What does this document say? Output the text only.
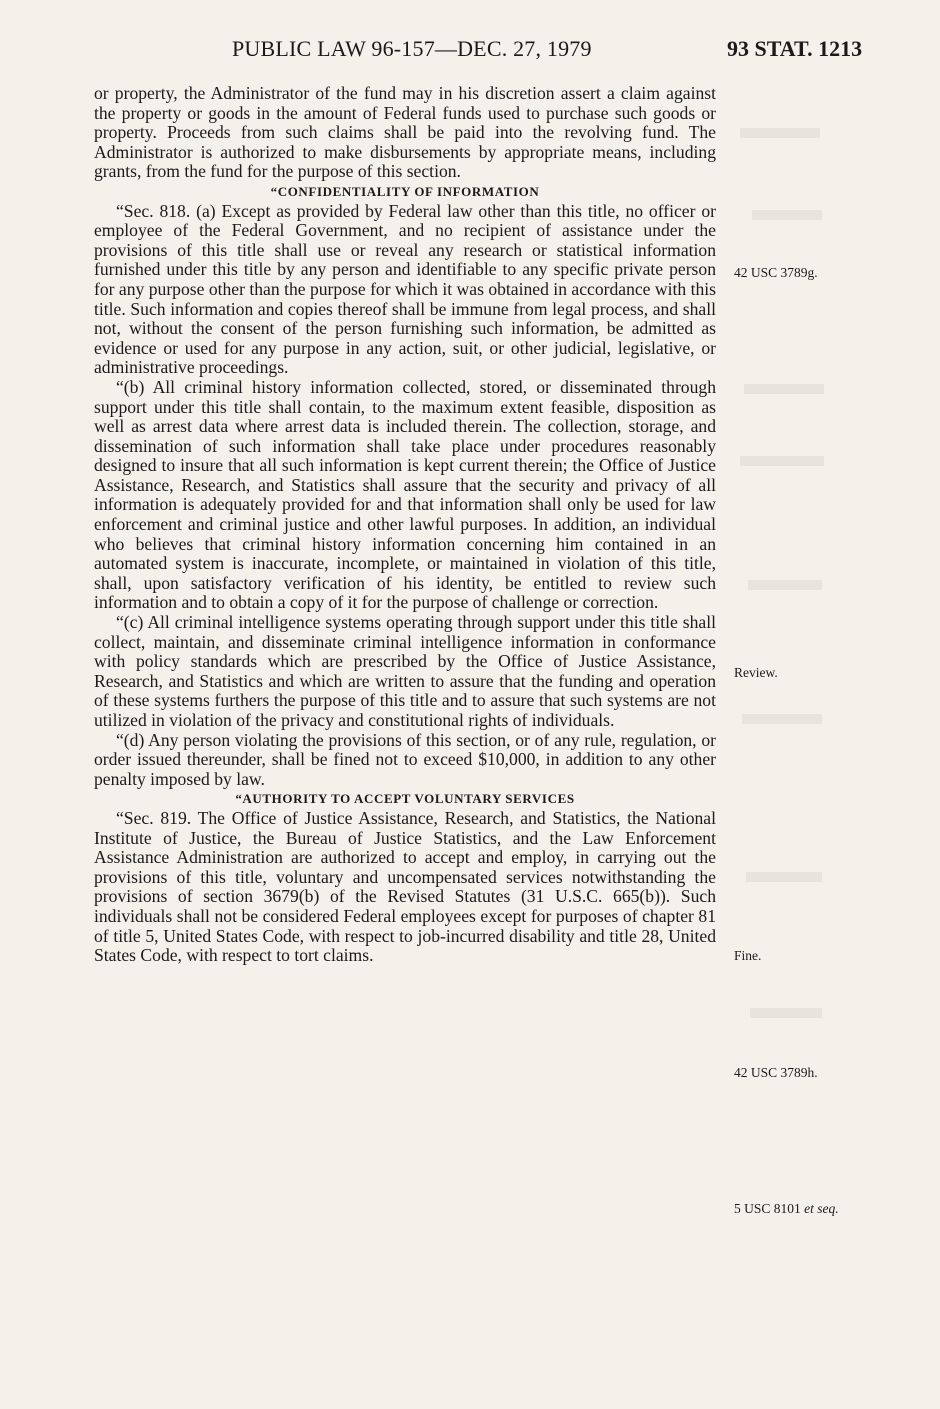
PUBLIC LAW 96-157—DEC. 27, 1979	93 STAT. 1213

or property, the Administrator of the fund may in his discretion assert a claim against the property or goods in the amount of Federal funds used to purchase such goods or property. Proceeds from such claims shall be paid into the revolving fund. The Administrator is authorized to make disbursements by appropriate means, including grants, from the fund for the purpose of this section.

“CONFIDENTIALITY OF INFORMATION

“Sec. 818. (a) Except as provided by Federal law other than this title, no officer or employee of the Federal Government, and no recipient of assistance under the provisions of this title shall use or reveal any research or statistical information furnished under this title by any person and identifiable to any specific private person for any purpose other than the purpose for which it was obtained in accordance with this title. Such information and copies thereof shall be immune from legal process, and shall not, without the consent of the person furnishing such information, be admitted as evidence or used for any purpose in any action, suit, or other judicial, legislative, or administrative proceedings.

“(b) All criminal history information collected, stored, or disseminated through support under this title shall contain, to the maximum extent feasible, disposition as well as arrest data where arrest data is included therein. The collection, storage, and dissemination of such information shall take place under procedures reasonably designed to insure that all such information is kept current therein; the Office of Justice Assistance, Research, and Statistics shall assure that the security and privacy of all information is adequately provided for and that information shall only be used for law enforcement and criminal justice and other lawful purposes. In addition, an individual who believes that criminal history information concerning him contained in an automated system is inaccurate, incomplete, or maintained in violation of this title, shall, upon satisfactory verification of his identity, be entitled to review such information and to obtain a copy of it for the purpose of challenge or correction.

“(c) All criminal intelligence systems operating through support under this title shall collect, maintain, and disseminate criminal intelligence information in conformance with policy standards which are prescribed by the Office of Justice Assistance, Research, and Statistics and which are written to assure that the funding and operation of these systems furthers the purpose of this title and to assure that such systems are not utilized in violation of the privacy and constitutional rights of individuals.

“(d) Any person violating the provisions of this section, or of any rule, regulation, or order issued thereunder, shall be fined not to exceed $10,000, in addition to any other penalty imposed by law.

“AUTHORITY TO ACCEPT VOLUNTARY SERVICES

“Sec. 819. The Office of Justice Assistance, Research, and Statistics, the National Institute of Justice, the Bureau of Justice Statistics, and the Law Enforcement Assistance Administration are authorized to accept and employ, in carrying out the provisions of this title, voluntary and uncompensated services notwithstanding the provisions of section 3679(b) of the Revised Statutes (31 U.S.C. 665(b)). Such individuals shall not be considered Federal employees except for purposes of chapter 81 of title 5, United States Code, with respect to job-incurred disability and title 28, United States Code, with respect to tort claims.

42 USC 3789g.
Review.
Fine.
42 USC 3789h.
5 USC 8101 et seq.
